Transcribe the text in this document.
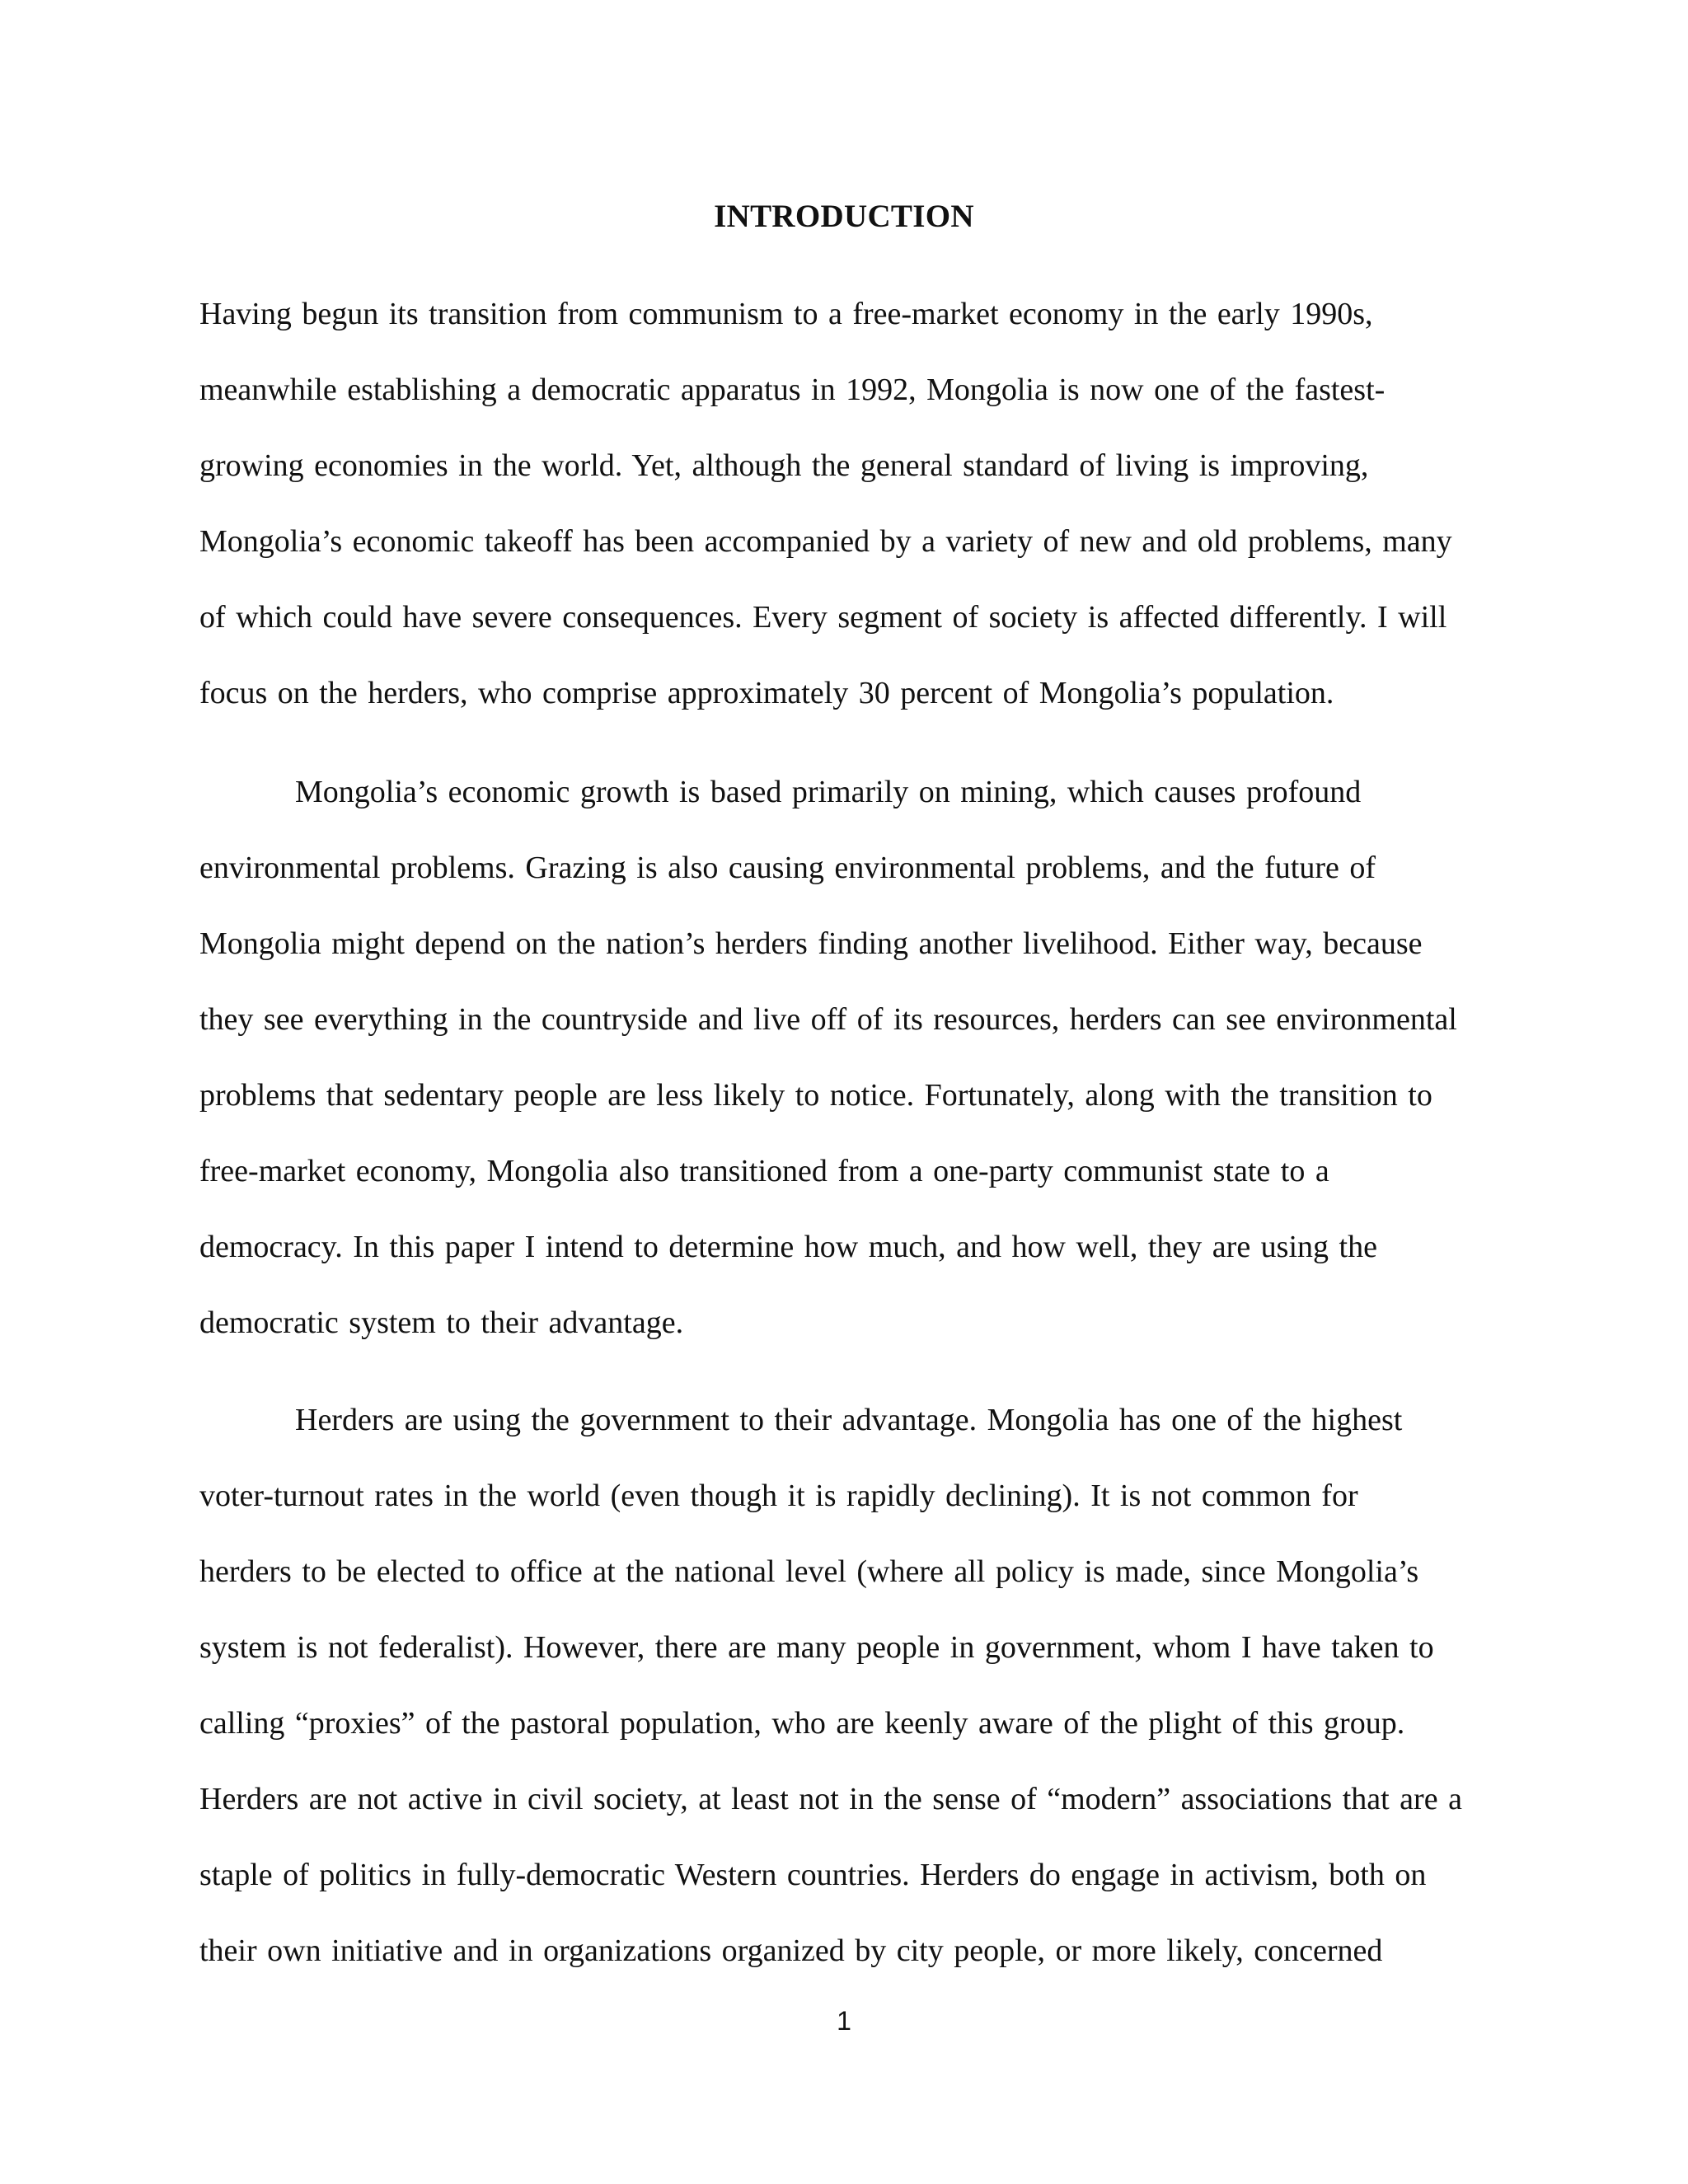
INTRODUCTION
Having begun its transition from communism to a free-market economy in the early 1990s,
meanwhile establishing a democratic apparatus in 1992, Mongolia is now one of the fastest-
growing economies in the world. Yet, although the general standard of living is improving,
Mongolia’s economic takeoff has been accompanied by a variety of new and old problems, many
of which could have severe consequences. Every segment of society is affected differently. I will
focus on the herders, who comprise approximately 30 percent of Mongolia’s population.
Mongolia’s economic growth is based primarily on mining, which causes profound
environmental problems. Grazing is also causing environmental problems, and the future of
Mongolia might depend on the nation’s herders finding another livelihood. Either way, because
they see everything in the countryside and live off of its resources, herders can see environmental
problems that sedentary people are less likely to notice. Fortunately, along with the transition to
free-market economy, Mongolia also transitioned from a one-party communist state to a
democracy. In this paper I intend to determine how much, and how well, they are using the
democratic system to their advantage.
Herders are using the government to their advantage. Mongolia has one of the highest
voter-turnout rates in the world (even though it is rapidly declining). It is not common for
herders to be elected to office at the national level (where all policy is made, since Mongolia’s
system is not federalist). However, there are many people in government, whom I have taken to
calling “proxies” of the pastoral population, who are keenly aware of the plight of this group.
Herders are not active in civil society, at least not in the sense of “modern” associations that are a
staple of politics in fully-democratic Western countries. Herders do engage in activism, both on
their own initiative and in organizations organized by city people, or more likely, concerned
1
